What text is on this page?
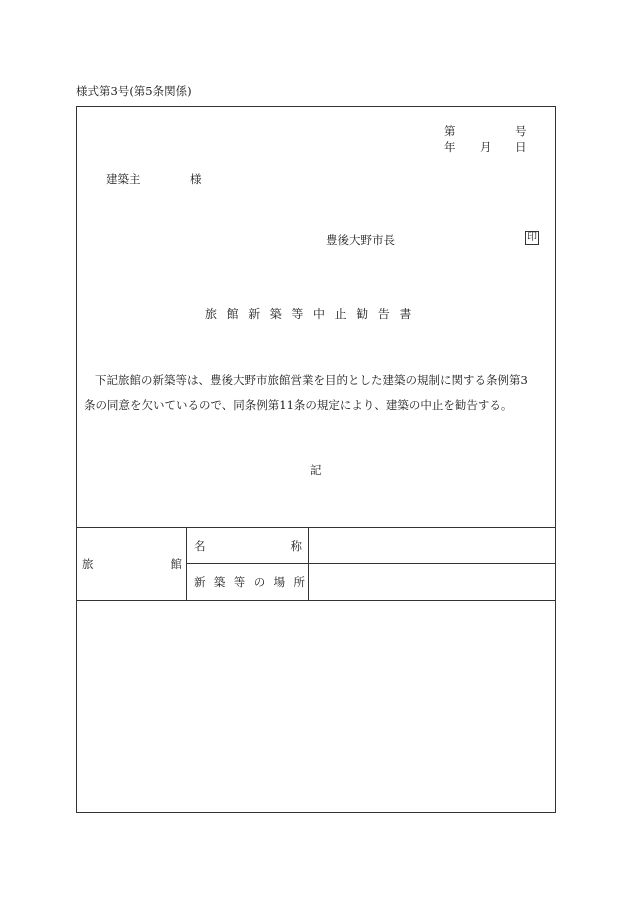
様式第3号(第5条関係)
第	号
年 月 日
建築主	様
豊後大野市長	印
旅館新築等中止勧告書
下記旅館の新築等は、豊後大野市旅館営業を目的とした建築の規制に関する条例第3
条の同意を欠いているので、同条例第11条の規定により、建築の中止を勧告する。
記
旅	館
名	称
新築等の場所
